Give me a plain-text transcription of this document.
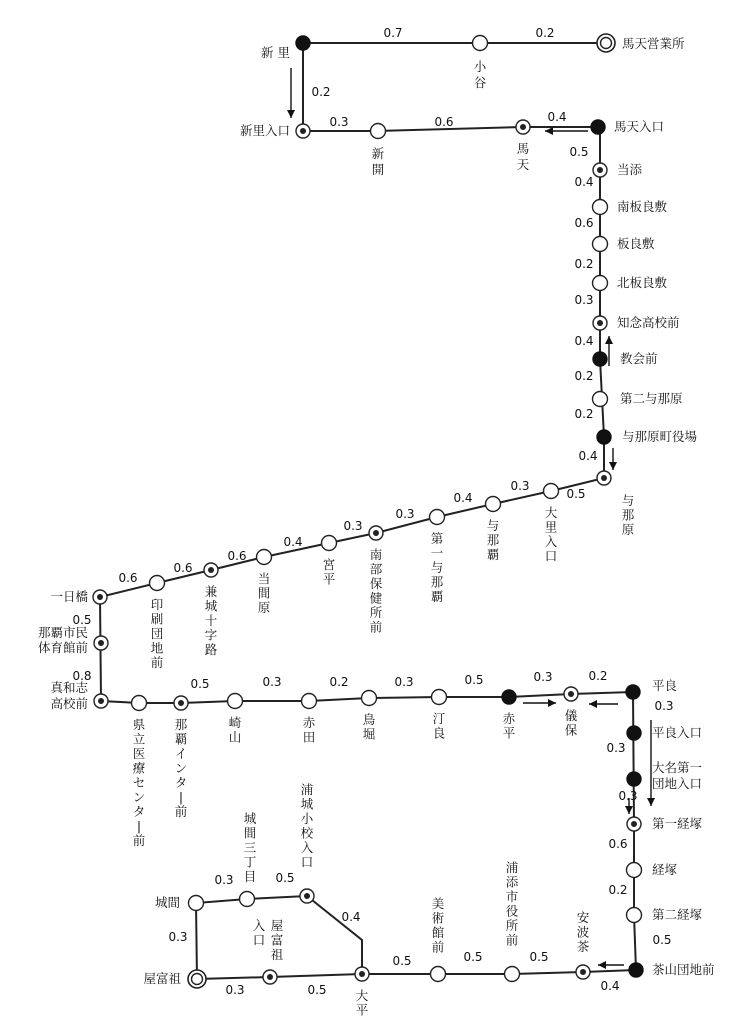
0.7	0.2
0.2
0.3	0.6	0.4
0.5
0.4
0.6
0.2
0.3
0.4
0.2
0.2
0.4
0.5
0.3
0.4
0.3
0.3
0.4
0.6
0.6
0.6
0.5
0.8
0.5	0.3	0.2	0.3	0.5	0.3	0.2
0.3
0.3
0.3
0.6
0.2
0.5
0.4
0.3	0.5
0.4
0.5	0.5	0.5
0.3
0.3	0.5
新 里
小谷
馬天営業所
新里入口
新開
馬天
馬天入口
当添
南板良敷
板良敷
北板良敷
知念高校前
教会前
第二与那原
与那原町役場
与那原
大里入口
与那覇
第一与那覇
南部保健所前
宮平
当間原
兼城十字路
印刷団地前
一日橋
那覇市民体育館前
真和志高校前
県立医療センタ|前
那覇インタ|前
崎山
赤田
鳥堀
汀良
赤平
儀保
平良
平良入口
大名第一団地入口
第一経塚
経塚
第二経塚
茶山団地前
安波茶
浦添市役所前
美術館前
大平
浦城小校入口
城間三丁目
城間
屋富祖
入口
屋富祖
